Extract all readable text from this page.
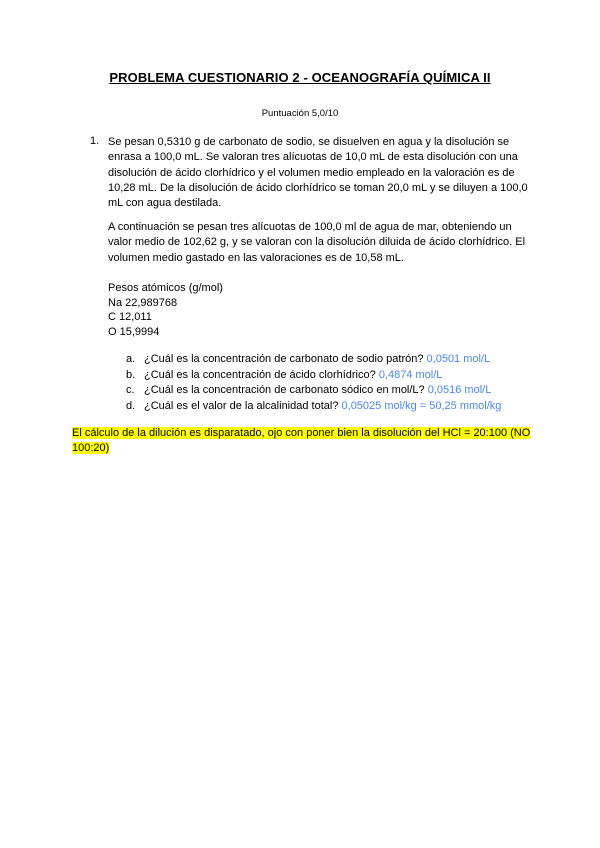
PROBLEMA CUESTIONARIO 2 - OCEANOGRAFÍA QUÍMICA II
Puntuación 5,0/10
1. Se pesan 0,5310 g de carbonato de sodio, se disuelven en agua y la disolución se enrasa a 100,0 mL. Se valoran tres alícuotas de 10,0 mL de esta disolución con una disolución de ácido clorhídrico y el volumen medio empleado en la valoración es de 10,28 mL. De la disolución de ácido clorhídrico se toman 20,0 mL y se diluyen a 100,0 mL con agua destilada.
A continuación se pesan tres alícuotas de 100,0 ml de agua de mar, obteniendo un valor medio de 102,62 g, y se valoran con la disolución diluida de ácido clorhídrico. El volumen medio gastado en las valoraciones es de 10,58 mL.
Pesos atómicos (g/mol)
Na 22,989768
C 12,011
O 15,9994
a. ¿Cuál es la concentración de carbonato de sodio patrón? 0,0501 mol/L
b. ¿Cuál es la concentración de ácido clorhídrico? 0,4874 mol/L
c. ¿Cuál es la concentración de carbonato sódico en mol/L? 0,0516 mol/L
d. ¿Cuál es el valor de la alcalinidad total? 0,05025 mol/kg = 50,25 mmol/kg
El cálculo de la dilución es disparatado, ojo con poner bien la disolución del HCl = 20:100 (NO 100:20)
